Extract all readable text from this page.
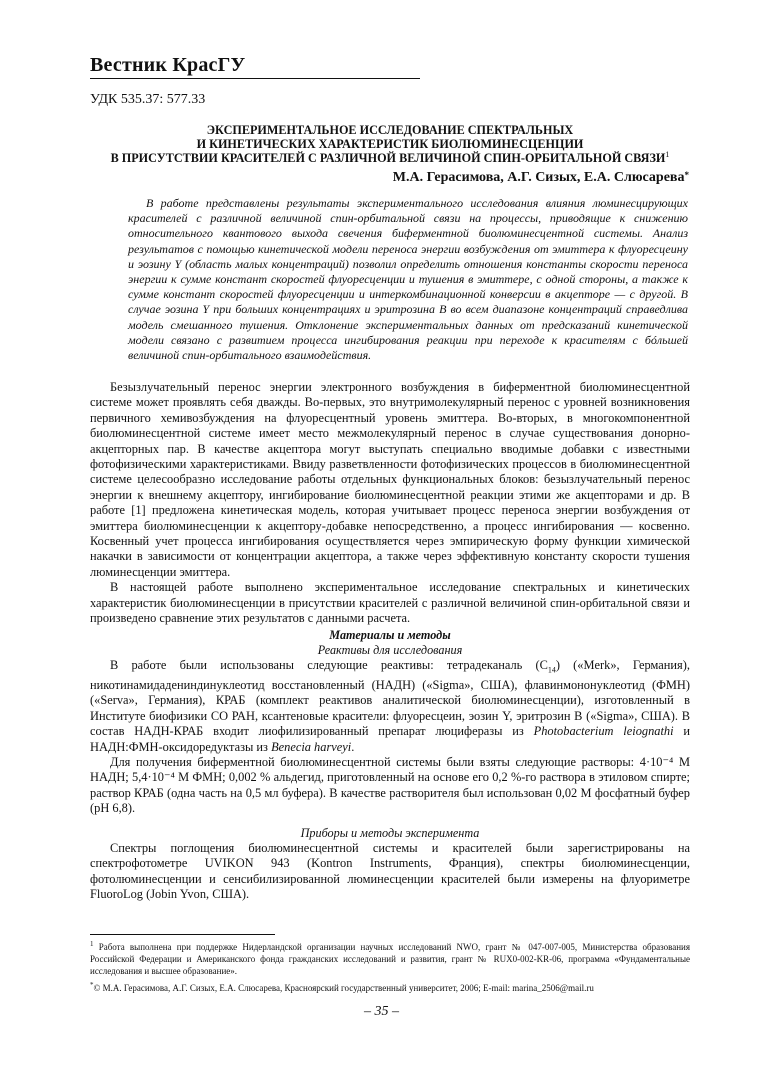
Вестник КрасГУ
УДК 535.37: 577.33
ЭКСПЕРИМЕНТАЛЬНОЕ ИССЛЕДОВАНИЕ СПЕКТРАЛЬНЫХ
И КИНЕТИЧЕСКИХ ХАРАКТЕРИСТИК БИОЛЮМИНЕСЦЕНЦИИ
В ПРИСУТСТВИИ КРАСИТЕЛЕЙ С РАЗЛИЧНОЙ ВЕЛИЧИНОЙ СПИН-ОРБИТАЛЬНОЙ СВЯЗИ$^1$
М.А. Герасимова, А.Г. Сизых, Е.А. Слюсарева*

В работе представлены результаты экспериментального исследования влияния люминесцирующих красителей с различной величиной спин-орбитальной связи на процессы, приводящие к снижению относительного квантового выхода свечения биферментной биолюминесцентной системы. Анализ результатов с помощью кинетической модели переноса энергии возбуждения от эмиттера к флуоресцеину и эозину Y (область малых концентраций) позволил определить отношения константы скорости переноса энергии к сумме констант скоростей флуоресценции и тушения в эмиттере, с одной стороны, а также к сумме констант скоростей флуоресценции и интеркомбинационной конверсии в акцепторе — с другой. В случае эозина Y при больших концентрациях и эритрозина B во всем диапазоне концентраций справедлива модель смешанного тушения. Отклонение экспериментальных данных от предсказаний кинетической модели связано с развитием процесса ингибирования реакции при переходе к красителям с бóльшей величиной спин-орбитального взаимодействия.

Безызлучательный перенос энергии электронного возбуждения в биферментной биолюминесцентной системе может проявлять себя дважды. Во-первых, это внутримолекулярный перенос с уровней возникновения первичного хемивозбуждения на флуоресцентный уровень эмиттера. Во-вторых, в многокомпонентной биолюминесцентной системе имеет место межмолекулярный перенос в случае существования донорно-акцепторных пар. В качестве акцептора могут выступать специально вводимые добавки с известными фотофизическими характеристиками. Ввиду разветвленности фотофизических процессов в биолюминесцентной системе целесообразно исследование работы отдельных функциональных блоков: безызлучательный перенос энергии к внешнему акцептору, ингибирование биолюминесцентной реакции этими же акцепторами и др. В работе [1] предложена кинетическая модель, которая учитывает процесс переноса энергии возбуждения от эмиттера биолюминесценции к акцептору-добавке непосредственно, а процесс ингибирования — косвенно. Косвенный учет процесса ингибирования осуществляется через эмпирическую форму функции химической накачки в зависимости от концентрации акцептора, а также через эффективную константу скорости тушения люминесценции эмиттера.

В настоящей работе выполнено экспериментальное исследование спектральных и кинетических характеристик биолюминесценции в присутствии красителей с различной величиной спин-орбитальной связи и произведено сравнение этих результатов с данными расчета.

Материалы и методы
Реактивы для исследования

В работе были использованы следующие реактивы: тетрадеканаль $(C_{14})$ («Merk», Германия), никотинамидадениндинуклеотид восстановленный (НАДН) («Sigma», США), флавинмононуклеотид (ФМН) («Serva», Германия), КРАБ (комплект реактивов аналитической биолюминесценции), изготовленный в Институте биофизики СО РАН, ксантеновые красители: флуоресцеин, эозин Y, эритрозин B («Sigma», США). В состав НАДН-КРАБ входит лиофилизированный препарат люциферазы из Photobacterium leiognathi и НАДН:ФМН-оксидоредуктазы из Benecia harveyi.

Для получения биферментной биолюминесцентной системы были взяты следующие растворы: 4·10⁻⁴ М НАДН; 5,4·10⁻⁴ М ФМН; 0,002 % альдегид, приготовленный на основе его 0,2 %-го раствора в этиловом спирте; раствор КРАБ (одна часть на 0,5 мл буфера). В качестве растворителя был использован 0,02 М фосфатный буфер (pH 6,8).

Приборы и методы эксперимента

Спектры поглощения биолюминесцентной системы и красителей были зарегистрированы на спектрофотометре UVIKON 943 (Kontron Instruments, Франция), спектры биолюминесценции, фотолюминесценции и сенсибилизированной люминесценции красителей были измерены на флуориметре FluoroLog (Jobin Yvon, США).

$^1$ Работа выполнена при поддержке Нидерландской организации научных исследований NWO, грант № 047-007-005, Министерства образования Российской Федерации и Американского фонда гражданских исследований и развития, грант № RUX0-002-KR-06, программа «Фундаментальные исследования и высшее образование».

*© М.А. Герасимова, А.Г. Сизых, Е.А. Слюсарева, Красноярский государственный университет, 2006; E-mail: marina_2506@mail.ru

– 35 –
